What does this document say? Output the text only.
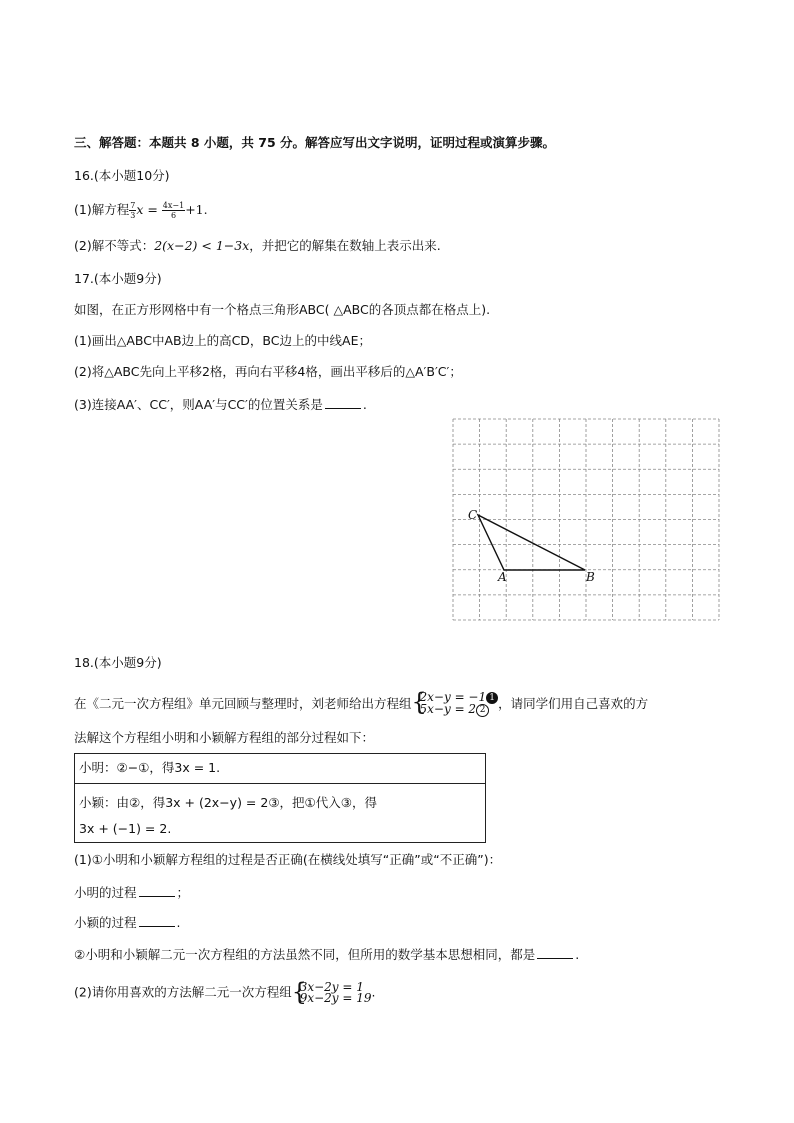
三、解答题：本题共 8 小题，共 75 分。解答应写出文字说明，证明过程或演算步骤。
16.(本小题10分)
(1)解方程 $\frac{7}{3}$ $x = \frac{4x-1}{6} +1$.
(2)解不等式：2(x−2) < 1−3x，并把它的解集在数轴上表示出来.
17.(本小题9分)
如图，在正方形网格中有一个格点三角形ABC( △ABC的各顶点都在格点上).
(1)画出△ABC中AB边上的高CD，BC边上的中线AE；
(2)将△ABC先向上平移2格，再向右平移4格，画出平移后的△A′B′C′；
(3)连接AA′、CC′，则AA′与CC′的位置关系是	.
C
A	B
18.(本小题9分)
在《二元一次方程组》单元回顾与整理时，刘老师给出方程组 {
2x−y = −1 1
5x−y = 2 2	，请同学们用自己喜欢的方
法解这个方程组小明和小颖解方程组的部分过程如下：
小明：②−①，得3x = 1.
小颖：由②，得3x + (2x−y) = 2③，把①代入③，得
3x + (−1) = 2.
(1)①小明和小颖解方程组的过程是否正确(在横线处填写“正确”或“不正确”)：
小明的过程	；
小颖的过程	.
②小明和小颖解二元一次方程组的方法虽然不同，但所用的数学基本思想相同，都是	.
(2)请你用喜欢的方法解二元一次方程组 {
3x−2y = 1
9x−2y = 19 .
